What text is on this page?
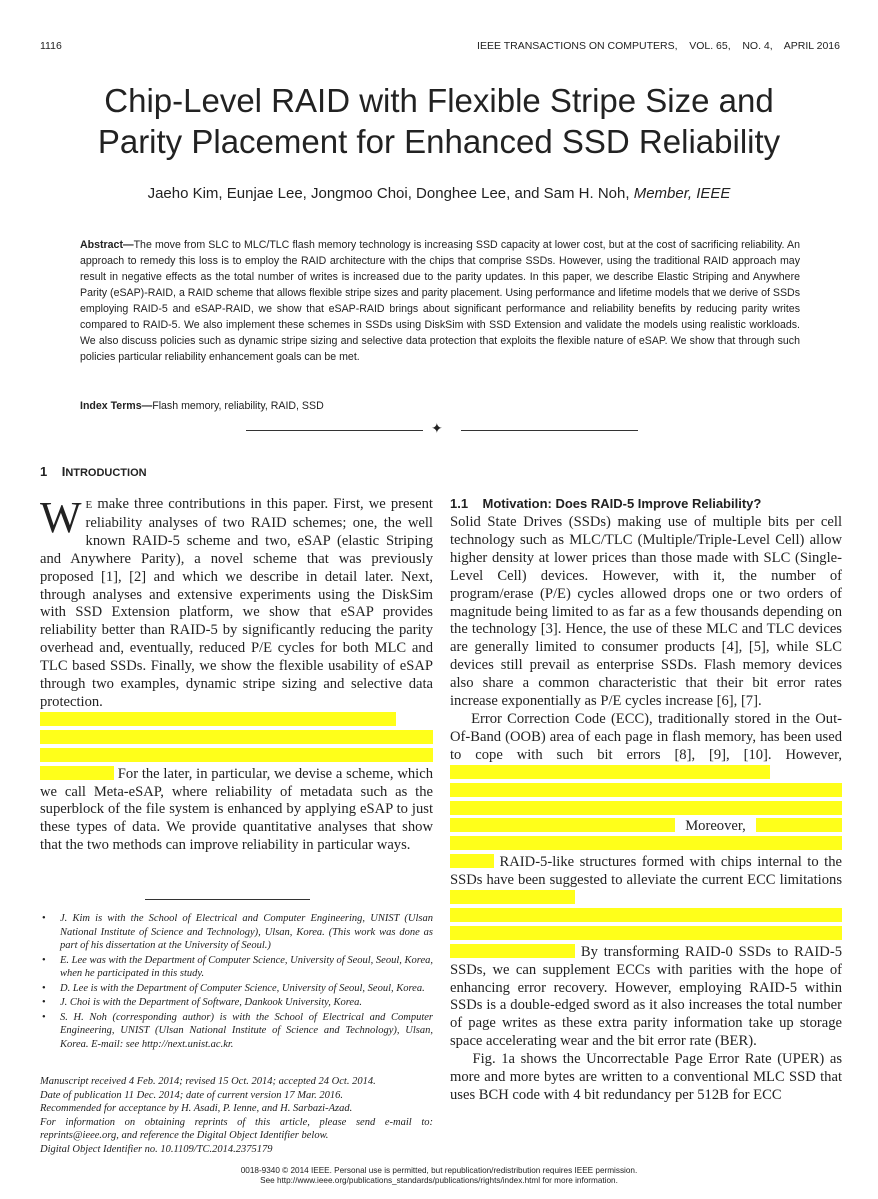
1116	IEEE TRANSACTIONS ON COMPUTERS,    VOL. 65,    NO. 4,    APRIL 2016
Chip-Level RAID with Flexible Stripe Size and
Parity Placement for Enhanced SSD Reliability
Jaeho Kim, Eunjae Lee, Jongmoo Choi, Donghee Lee, and Sam H. Noh, Member, IEEE
Abstract—The move from SLC to MLC/TLC flash memory technology is increasing SSD capacity at lower cost, but at the cost of sacrificing reliability. An approach to remedy this loss is to employ the RAID architecture with the chips that comprise SSDs. However, using the traditional RAID approach may result in negative effects as the total number of writes is increased due to the parity updates. In this paper, we describe Elastic Striping and Anywhere Parity (eSAP)-RAID, a RAID scheme that allows flexible stripe sizes and parity placement. Using performance and lifetime models that we derive of SSDs employing RAID-5 and eSAP-RAID, we show that eSAP-RAID brings about significant performance and reliability benefits by reducing parity writes compared to RAID-5. We also implement these schemes in SSDs using DiskSim with SSD Extension and validate the models using realistic workloads. We also discuss policies such as dynamic stripe sizing and selective data protection that exploits the flexible nature of eSAP. We show that through such policies particular reliability enhancement goals can be met.
Index Terms—Flash memory, reliability, RAID, SSD
✦
1 INTRODUCTION
W E make three contributions in this paper. First, we present reliability analyses of two RAID schemes; one, the well known RAID-5 scheme and two, eSAP (elastic Striping and Anywhere Parity), a novel scheme that was previously proposed [1], [2] and which we describe in detail later. Next, through analyses and extensive experiments using the DiskSim with SSD Extension platform, we show that eSAP provides reliability better than RAID-5 by significantly reducing the parity overhead and, eventually, reduced P/E cycles for both MLC and TLC based SSDs. Finally, we show the flexible usability of eSAP through two examples, dynamic stripe sizing and selective data protection.     For the later, in particular, we devise a scheme, which we call Meta-eSAP, where reliability of metadata such as the superblock of the file system is enhanced by applying eSAP to just these types of data. We provide quantitative analyses that show that the two methods can improve reliability in particular ways.
1.1    Motivation: Does RAID-5 Improve Reliability?
Solid State Drives (SSDs) making use of multiple bits per cell technology such as MLC/TLC (Multiple/Triple-Level Cell) allow higher density at lower prices than those made with SLC (Single-Level Cell) devices. However, with it, the number of program/erase (P/E) cycles allowed drops one or two orders of magnitude being limited to as far as a few thousands depending on the technology [3]. Hence, the use of these MLC and TLC devices are generally limited to consumer products [4], [5], while SLC devices still prevail as enterprise SSDs. Flash memory devices also share a common characteristic that their bit error rates increase exponentially as P/E cycles increase [6], [7].
Error Correction Code (ECC), traditionally stored in the Out-Of-Band (OOB) area of each page in flash memory, has been used to cope with such bit errors [8], [9], [10]. However,     Moreover,    RAID-5-like structures formed with chips internal to the SSDs have been suggested to alleviate the current ECC limitations     By transforming RAID-0 SSDs to RAID-5 SSDs, we can supplement ECCs with parities with the hope of enhancing error recovery. However, employing RAID-5 within SSDs is a double-edged sword as it also increases the total number of page writes as these extra parity information take up storage space accelerating wear and the bit error rate (BER).
Fig. 1a shows the Uncorrectable Page Error Rate (UPER) as more and more bytes are written to a conventional MLC SSD that uses BCH code with 4 bit redundancy per 512B for ECC
• J. Kim is with the School of Electrical and Computer Engineering, UNIST (Ulsan National Institute of Science and Technology), Ulsan, Korea. (This work was done as part of his dissertation at the University of Seoul.)
• E. Lee was with the Department of Computer Science, University of Seoul, Seoul, Korea, when he participated in this study.
• D. Lee is with the Department of Computer Science, University of Seoul, Seoul, Korea.
• J. Choi is with the Department of Software, Dankook University, Korea.
• S. H. Noh (corresponding author) is with the School of Electrical and Computer Engineering, UNIST (Ulsan National Institute of Science and Technology), Ulsan, Korea. E-mail: see http://next.unist.ac.kr.
Manuscript received 4 Feb. 2014; revised 15 Oct. 2014; accepted 24 Oct. 2014.
Date of publication 11 Dec. 2014; date of current version 17 Mar. 2016.
Recommended for acceptance by H. Asadi, P. Ienne, and H. Sarbazi-Azad.
For information on obtaining reprints of this article, please send e-mail to: reprints@ieee.org, and reference the Digital Object Identifier below.
Digital Object Identifier no. 10.1109/TC.2014.2375179
0018-9340 © 2014 IEEE. Personal use is permitted, but republication/redistribution requires IEEE permission.
See http://www.ieee.org/publications_standards/publications/rights/index.html for more information.
